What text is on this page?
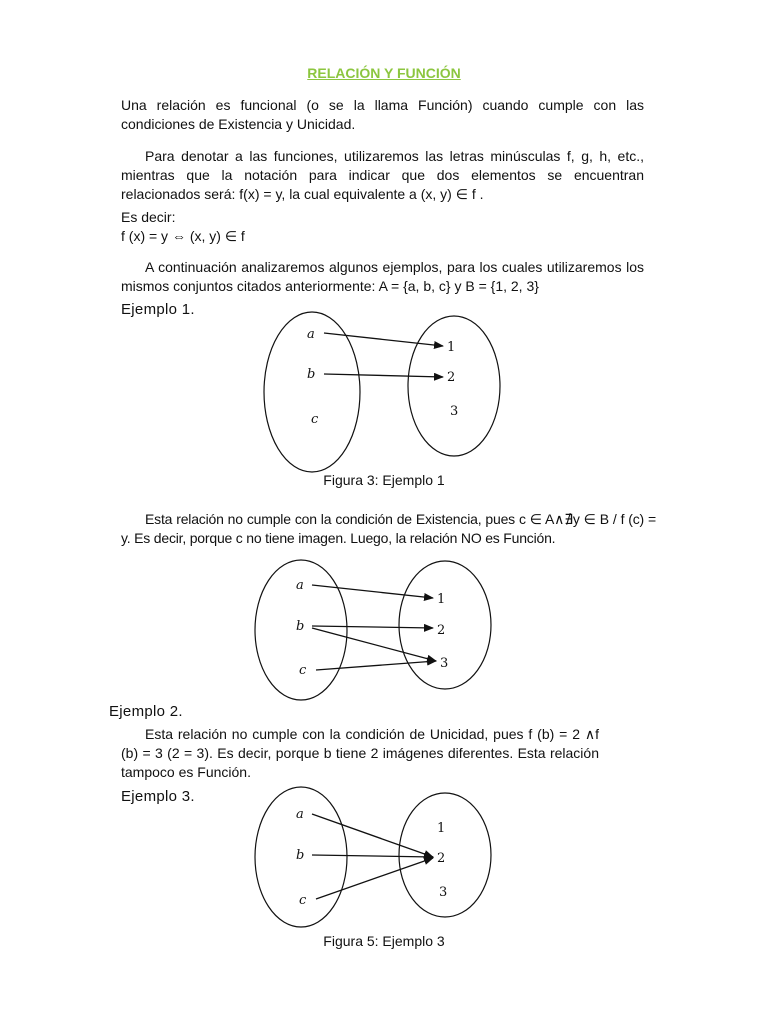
RELACIÓN Y FUNCIÓN

Una relación es funcional (o se la llama Función) cuando cumple con las condiciones de Existencia y Unicidad.

Para denotar a las funciones, utilizaremos las letras minúsculas f, g, h, etc., mientras que la notación para indicar que dos elementos se encuentran relacionados será: f(x) = y, la cual equivalente a (x, y) ∈ f .

Es decir:

f (x) = y ⇔ (x, y) ∈ f

A continuación analizaremos algunos ejemplos, para los cuales utilizaremos los mismos conjuntos citados anteriormente: A = {a, b, c} y B = {1, 2, 3}

Ejemplo 1.
a
b
c
1
2
3
Figura 3: Ejemplo 1

Esta relación no cumple con la condición de Existencia, pues c ∈ A∧∄y ∈ B / f (c) = y. Es decir, porque c no tiene imagen. Luego, la relación NO es Función.

a
b
c
1
2
3
Ejemplo 2.

Esta relación no cumple con la condición de Unicidad, pues f (b) = 2 ∧f (b) = 3 (2 = 3). Es decir, porque b tiene 2 imágenes diferentes. Esta relación tampoco es Función.

Ejemplo 3.
a
b
c
1
2
3
Figura 5: Ejemplo 3
